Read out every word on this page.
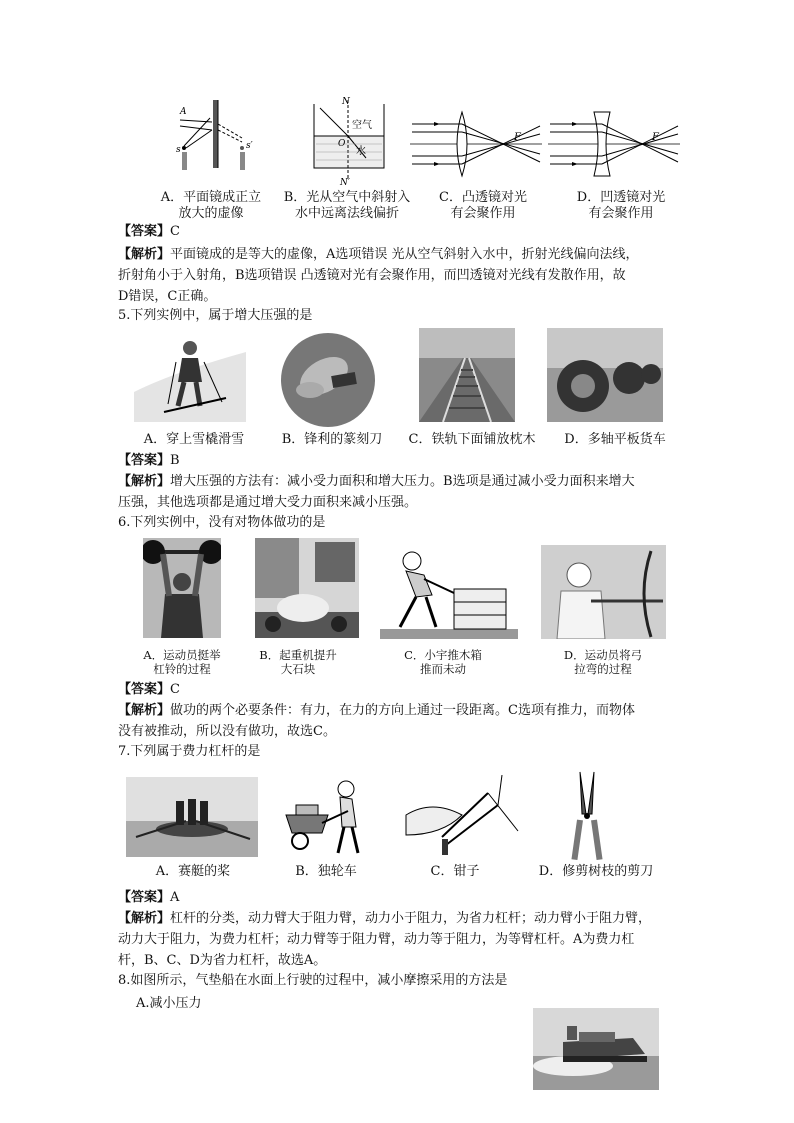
A
s	s′
N
N′
O
空气
水
F	F
A．平面镜成正立
放大的虚像
B．光从空气中斜射入
水中远离法线偏折
C．凸透镜对光
有会聚作用
D．凹透镜对光
有会聚作用
【答案】C
【解析】平面镜成的是等大的虚像，A选项错误 光从空气斜射入水中，折射光线偏向法线，
折射角小于入射角，B选项错误 凸透镜对光有会聚作用，而凹透镜对光线有发散作用，故
D错误，C正确。
5.下列实例中，属于增大压强的是
A．穿上雪橇滑雪	B．锋利的篆刻刀	C．铁轨下面铺放枕木	D．多轴平板货车
【答案】B
【解析】增大压强的方法有：减小受力面积和增大压力。B选项是通过减小受力面积来增大
压强，其他选项都是通过增大受力面积来减小压强。
6.下列实例中，没有对物体做功的是
A．运动员挺举
杠铃的过程
B．起重机提升
大石块
C．小宇推木箱
推而未动
D．运动员将弓
拉弯的过程
【答案】C
【解析】做功的两个必要条件：有力，在力的方向上通过一段距离。C选项有推力，而物体
没有被推动，所以没有做功，故选C。
7.下列属于费力杠杆的是
A．赛艇的桨	B．独轮车	C．钳子	D．修剪树枝的剪刀
【答案】A
【解析】杠杆的分类，动力臂大于阻力臂，动力小于阻力，为省力杠杆；动力臂小于阻力臂，
动力大于阻力，为费力杠杆；动力臂等于阻力臂，动力等于阻力，为等臂杠杆。A为费力杠
杆，B、C、D为省力杠杆，故选A。
8.如图所示，气垫船在水面上行驶的过程中，减小摩擦采用的方法是
A.减小压力
